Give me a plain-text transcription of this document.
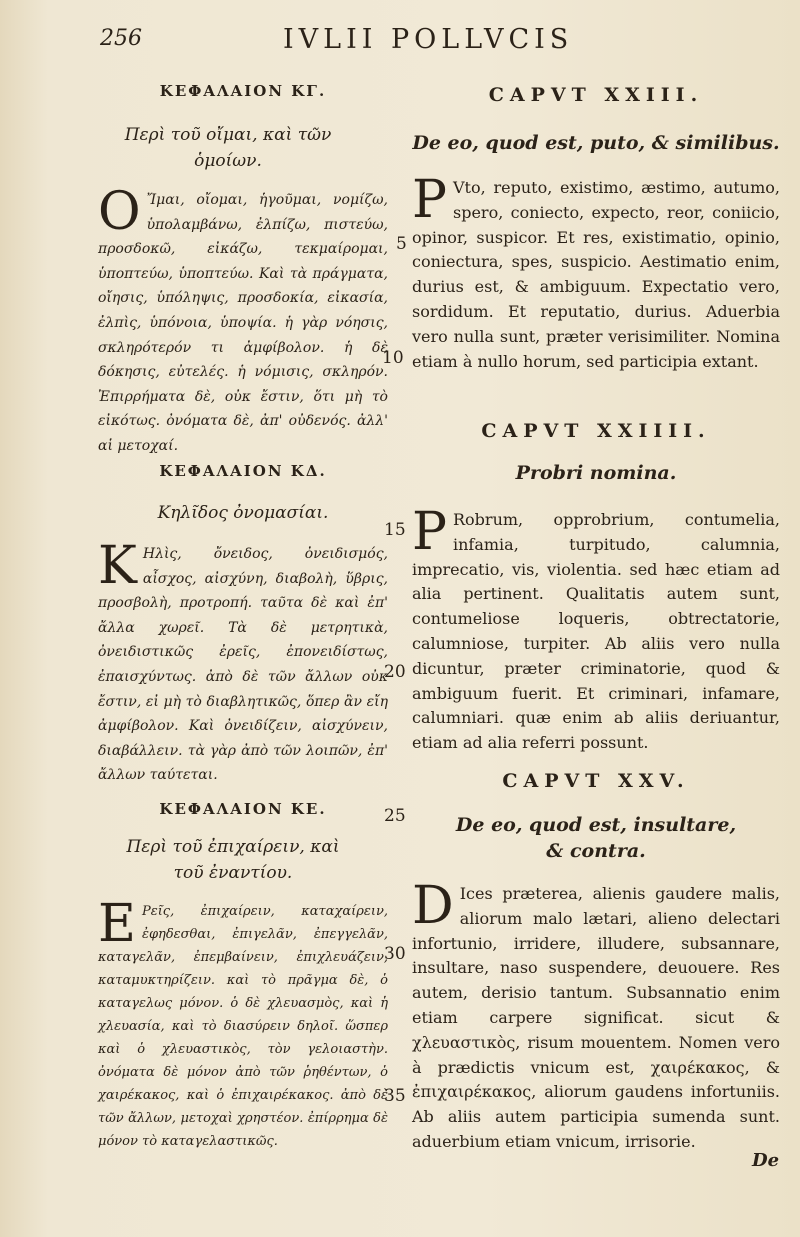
256	IVLII POLLVCIS
ΚΕΦΑΛΑΙΟΝ ΚΓ.

Περὶ τοῦ οἴμαι, καὶ τῶν ὁμοίων.

Ο Ἴμαι, οἴομαι, ἡγοῦμαι, νομίζω, ὑπολαμβάνω, ἐλπίζω, πιστεύω, προσδοκῶ, εἰκάζω, τεκμαίρομαι, ὑποπτεύω, ὑποπτεύω. Καὶ τὰ πράγματα, οἴησις, ὑπόληψις, προσδοκία, εἰκασία, ἐλπὶς, ὑπόνοια, ὑποψία. ἡ γὰρ νόησις, σκληρότερόν τι ἀμφίβολον. ἡ δὲ δόκησις, εὐτελές. ἡ νόμισις, σκληρόν. Ἐπιρρήματα δὲ, οὐκ ἔστιν, ὅτι μὴ τὸ εἰκότως. ὀνόματα δὲ, ἀπ' οὐδενός. ἀλλ' αἱ μετοχαί.

ΚΕΦΑΛΑΙΟΝ ΚΔ.

Κηλῖδος ὀνομασίαι.

Κ Ηλὶς, ὄνειδος, ὀνειδισμός, αἶσχος, αἰσχύνη, διαβολὴ, ὕβρις, προσβολὴ, προτροπή. ταῦτα δὲ καὶ ἐπ' ἄλλα χωρεῖ. Τὰ δὲ μετρητικὰ, ὀνειδιστικῶς ἐρεῖς, ἐπονειδίστως, ἐπαισχύντως. ἀπὸ δὲ τῶν ἄλλων οὐκ ἔστιν, εἰ μὴ τὸ διαβλητικῶς, ὅπερ ἂν εἴη ἀμφίβολον. Καὶ ὀνειδίζειν, αἰσχύνειν, διαβάλλειν. τὰ γὰρ ἀπὸ τῶν λοιπῶν, ἐπ' ἄλλων ταύτεται.

ΚΕΦΑΛΑΙΟΝ ΚΕ.

Περὶ τοῦ ἐπιχαίρειν, καὶ τοῦ ἐναντίου.

Ε Ρεῖς, ἐπιχαίρειν, καταχαίρειν, ἐφηδεσθαι, ἐπιγελᾶν, ἐπεγγελᾶν, καταγελᾶν, ἐπεμβαίνειν, ἐπιχλευάζειν, καταμυκτηρίζειν. καὶ τὸ πρᾶγμα δὲ, ὁ καταγελως μόνον. ὁ δὲ χλευασμὸς, καὶ ἡ χλευασία, καὶ τὸ διασύρειν δηλοῖ. ὥσπερ καὶ ὁ χλευαστικὸς, τὸν γελοιαστὴν. ὀνόματα δὲ μόνον ἀπὸ τῶν ῥηθέντων, ὁ χαιρέκακος, καὶ ὁ ἐπιχαιρέκακος. ἀπὸ δὲ τῶν ἄλλων, μετοχαὶ χρηστέον. ἐπίρρημα δὲ μόνον τὸ καταγελαστικῶς.

5
10
15
20
25
30
35
CAPVT XXIII.

De eo, quod est, puto, & similibus.

P Vto, reputo, existimo, æstimo, autumo, spero, coniecto, expecto, reor, coniicio, opinor, suspicor. Et res, existimatio, opinio, coniectura, spes, suspicio. Aestimatio enim, durius est, & ambiguum. Expectatio vero, sordidum. Et reputatio, durius. Aduerbia vero nulla sunt, præter verisimiliter. Nomina etiam à nullo horum, sed participia extant.

CAPVT XXIIII.

Probri nomina.

P Robrum, opprobrium, contumelia, infamia, turpitudo, calumnia, imprecatio, vis, violentia. sed hæc etiam ad alia pertinent. Qualitatis autem sunt, contumeliose loqueris, obtrectatorie, calumniose, turpiter. Ab aliis vero nulla dicuntur, præter criminatorie, quod & ambiguum fuerit. Et criminari, infamare, calumniari. quæ enim ab aliis deriuantur, etiam ad alia referri possunt.

CAPVT XXV.

De eo, quod est, insultare, & contra.

D Ices præterea, alienis gaudere malis, aliorum malo lætari, alieno delectari infortunio, irridere, illudere, subsannare, insultare, naso suspendere, deuouere. Res autem, derisio tantum. Subsannatio enim etiam carpere significat. sicut & χλευαστικὸς, risum mouentem. Nomen vero à prædictis vnicum est, χαιρέκακος, & ἐπιχαιρέκακος, aliorum gaudens infortuniis. Ab aliis autem participia sumenda sunt. aduerbium etiam vnicum, irrisorie.

De
